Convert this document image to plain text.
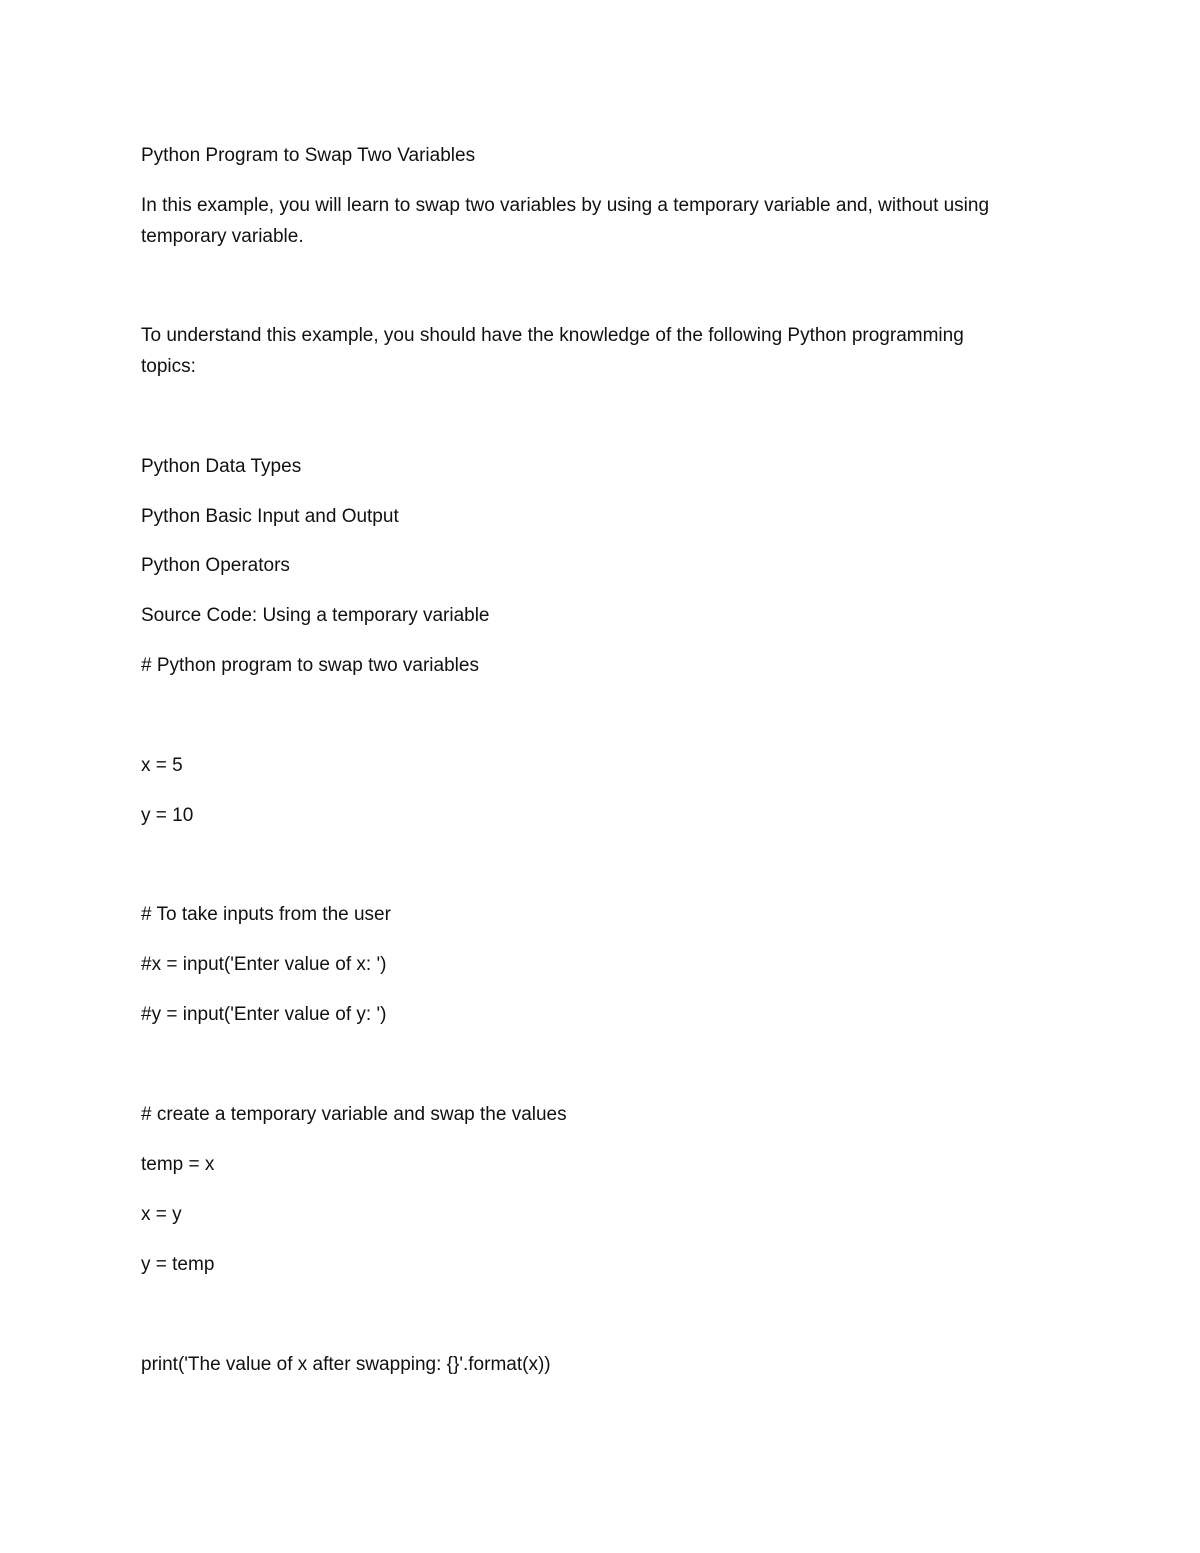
Python Program to Swap Two Variables

In this example, you will learn to swap two variables by using a temporary variable and, without using

temporary variable.

To understand this example, you should have the knowledge of the following Python programming

topics:

Python Data Types

Python Basic Input and Output

Python Operators

Source Code: Using a temporary variable

# Python program to swap two variables

x = 5

y = 10

# To take inputs from the user

#x = input('Enter value of x: ')

#y = input('Enter value of y: ')

# create a temporary variable and swap the values

temp = x

x = y

y = temp

print('The value of x after swapping: {}'.format(x))
